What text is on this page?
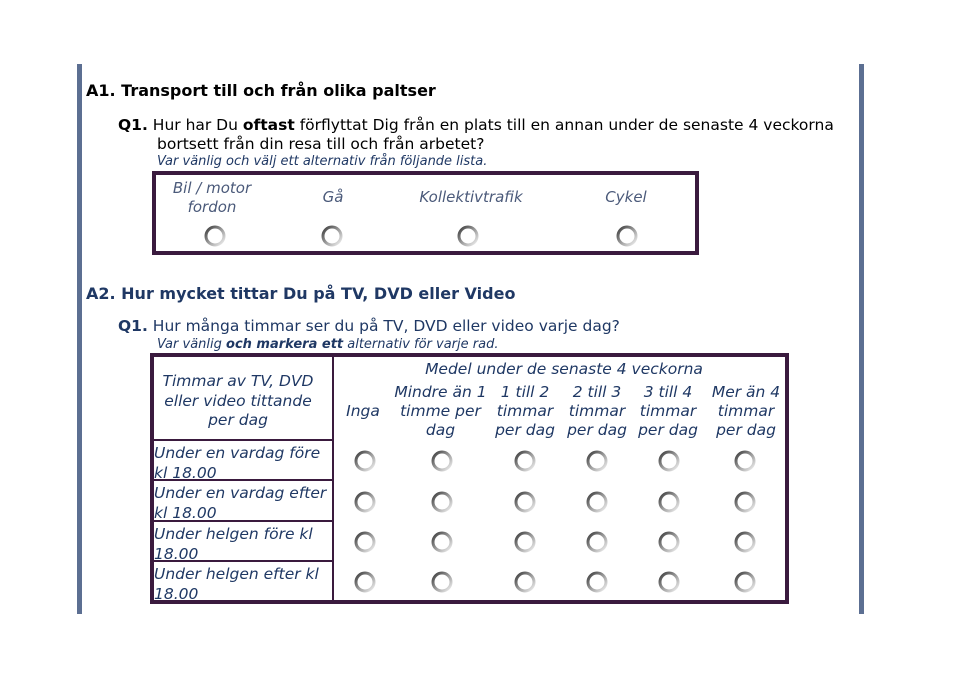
A1. Transport till och från olika paltser
Q1. Hur har Du oftast förflyttat Dig från en plats till en annan under de senaste 4 veckorna
bortsett från din resa till och från arbetet?
Var vänlig och välj ett alternativ från följande lista.
Bil / motor fordon
Gå	Kollektivtrafik	Cykel
A2. Hur mycket tittar Du på TV, DVD eller Video
Q1. Hur många timmar ser du på TV, DVD eller video varje dag?
Var vänlig och markera ett alternativ för varje rad.
Timmar av TV, DVD eller video tittande per dag
Medel under de senaste 4 veckorna
Inga
Mindre än 1 timme per dag
1 till 2 timmar per dag
2 till 3 timmar per dag
3 till 4 timmar per dag
Mer än 4 timmar per dag
Under en vardag före kl 18.00
Under en vardag efter kl 18.00
Under helgen före kl 18.00
Under helgen efter kl 18.00
